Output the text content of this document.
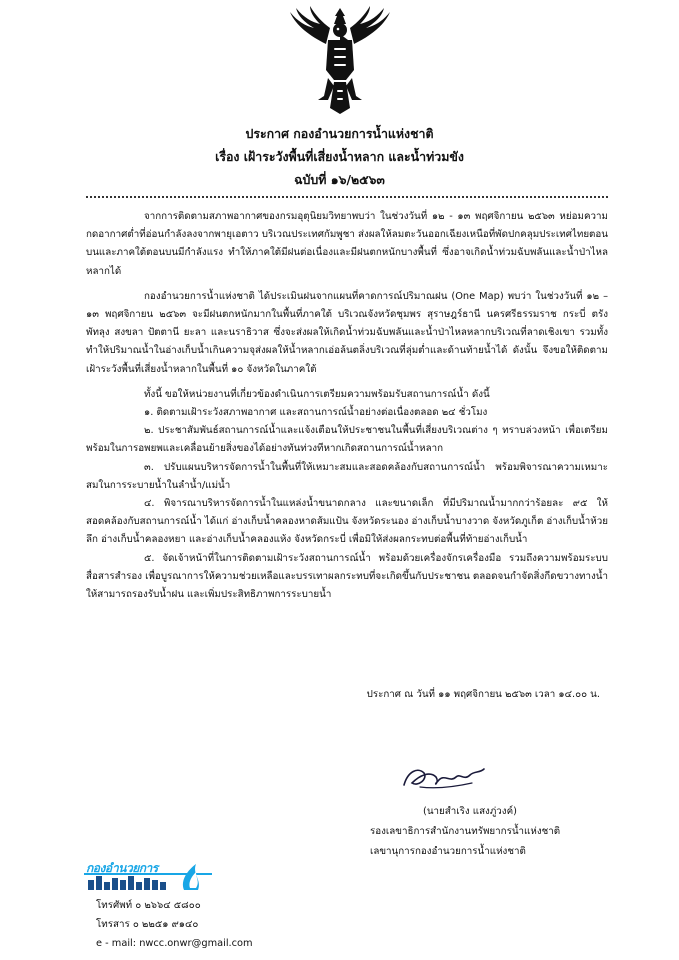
ประกาศ กองอำนวยการน้ำแห่งชาติ
เรื่อง เฝ้าระวังพื้นที่เสี่ยงน้ำหลาก และน้ำท่วมขัง
ฉบับที่ ๑๖/๒๕๖๓

จากการติดตามสภาพอากาศของกรมอุตุนิยมวิทยาพบว่า ในช่วงวันที่ ๑๒ - ๑๓ พฤศจิกายน ๒๕๖๓ หย่อมความกดอากาศต่ำที่อ่อนกำลังลงจากพายุเอตาว บริเวณประเทศกัมพูชา ส่งผลให้ลมตะวันออกเฉียงเหนือที่พัดปกคลุมประเทศไทยตอนบนและภาคใต้ตอนบนมีกำลังแรง ทำให้ภาคใต้มีฝนต่อเนื่องและมีฝนตกหนักบางพื้นที่ ซึ่งอาจเกิดน้ำท่วมฉับพลันและน้ำป่าไหลหลากได้

กองอำนวยการน้ำแห่งชาติ ได้ประเมินฝนจากแผนที่คาดการณ์ปริมาณฝน (One Map) พบว่า ในช่วงวันที่ ๑๒ – ๑๓ พฤศจิกายน ๒๕๖๓ จะมีฝนตกหนักมากในพื้นที่ภาคใต้ บริเวณจังหวัดชุมพร สุราษฎร์ธานี นครศรีธรรมราช กระบี่ ตรัง พัทลุง สงขลา ปัตตานี ยะลา และนราธิวาส ซึ่งจะส่งผลให้เกิดน้ำท่วมฉับพลันและน้ำป่าไหลหลากบริเวณที่ลาดเชิงเขา รวมทั้งทำให้ปริมาณน้ำในอ่างเก็บน้ำเกินความจุส่งผลให้น้ำหลากเอ่อล้นตลิ่งบริเวณที่ลุ่มต่ำและด้านท้ายน้ำได้ ดังนั้น จึงขอให้ติดตามเฝ้าระวังพื้นที่เสี่ยงน้ำหลากในพื้นที่ ๑๐ จังหวัดในภาคใต้

ทั้งนี้ ขอให้หน่วยงานที่เกี่ยวข้องดำเนินการเตรียมความพร้อมรับสถานการณ์น้ำ ดังนี้

๑. ติดตามเฝ้าระวังสภาพอากาศ และสถานการณ์น้ำอย่างต่อเนื่องตลอด ๒๔ ชั่วโมง

๒. ประชาสัมพันธ์สถานการณ์น้ำและแจ้งเตือนให้ประชาชนในพื้นที่เสี่ยงบริเวณต่าง ๆ ทราบล่วงหน้า เพื่อเตรียมพร้อมในการอพยพและเคลื่อนย้ายสิ่งของได้อย่างทันท่วงทีหากเกิดสถานการณ์น้ำหลาก

๓. ปรับแผนบริหารจัดการน้ำในพื้นที่ให้เหมาะสมและสอดคล้องกับสถานการณ์น้ำ พร้อมพิจารณาความเหมาะสมในการระบายน้ำในลำน้ำ/แม่น้ำ

๔. พิจารณาบริหารจัดการน้ำในแหล่งน้ำขนาดกลาง และขนาดเล็ก ที่มีปริมาณน้ำมากกว่าร้อยละ ๙๕ ให้สอดคล้องกับสถานการณ์น้ำ ได้แก่ อ่างเก็บน้ำคลองหาดส้มแป้น จังหวัดระนอง อ่างเก็บน้ำบางวาด จังหวัดภูเก็ต อ่างเก็บน้ำห้วยลึก อ่างเก็บน้ำคลองหยา และอ่างเก็บน้ำคลองแห้ง จังหวัดกระบี่ เพื่อมิให้ส่งผลกระทบต่อพื้นที่ท้ายอ่างเก็บน้ำ

๕. จัดเจ้าหน้าที่ในการติดตามเฝ้าระวังสถานการณ์น้ำ พร้อมด้วยเครื่องจักรเครื่องมือ รวมถึงความพร้อมระบบสื่อสารสำรอง เพื่อบูรณาการให้ความช่วยเหลือและบรรเทาผลกระทบที่จะเกิดขึ้นกับประชาชน ตลอดจนกำจัดสิ่งกีดขวางทางน้ำให้สามารถรองรับน้ำฝน และเพิ่มประสิทธิภาพการระบายน้ำ

ประกาศ ณ วันที่ ๑๑ พฤศจิกายน ๒๕๖๓ เวลา ๑๔.๐๐ น.
(นายสำเริง แสงภู่วงค์)
รองเลขาธิการสำนักงานทรัพยากรน้ำแห่งชาติ
เลขานุการกองอำนวยการน้ำแห่งชาติ
กองอำนวยการ
โทรศัพท์ ๐ ๒๖๖๔ ๕๘๐๐
โทรสาร ๐ ๒๒๕๑ ๙๑๔๐
e - mail: nwcc.onwr@gmail.com
